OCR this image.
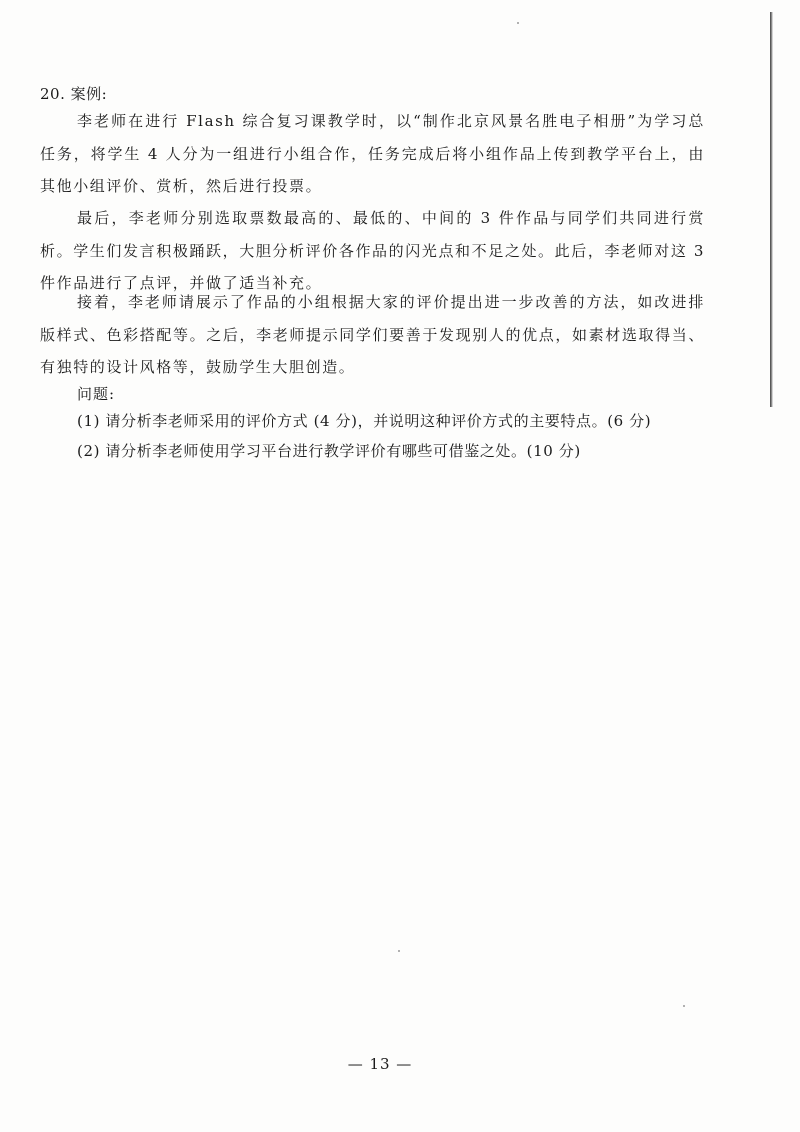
20. 案例:

李老师在进行 Flash 综合复习课教学时，以“制作北京风景名胜电子相册”为学习总任务，将学生 4 人分为一组进行小组合作，任务完成后将小组作品上传到教学平台上，由其他小组评价、赏析，然后进行投票。

最后，李老师分别选取票数最高的、最低的、中间的 3 件作品与同学们共同进行赏析。学生们发言积极踊跃，大胆分析评价各作品的闪光点和不足之处。此后，李老师对这 3 件作品进行了点评，并做了适当补充。

接着，李老师请展示了作品的小组根据大家的评价提出进一步改善的方法，如改进排版样式、色彩搭配等。之后，李老师提示同学们要善于发现别人的优点，如素材选取得当、有独特的设计风格等，鼓励学生大胆创造。

问题:
(1) 请分析李老师采用的评价方式 (4 分)，并说明这种评价方式的主要特点。(6 分)
(2) 请分析李老师使用学习平台进行教学评价有哪些可借鉴之处。(10 分)
— 13 —
